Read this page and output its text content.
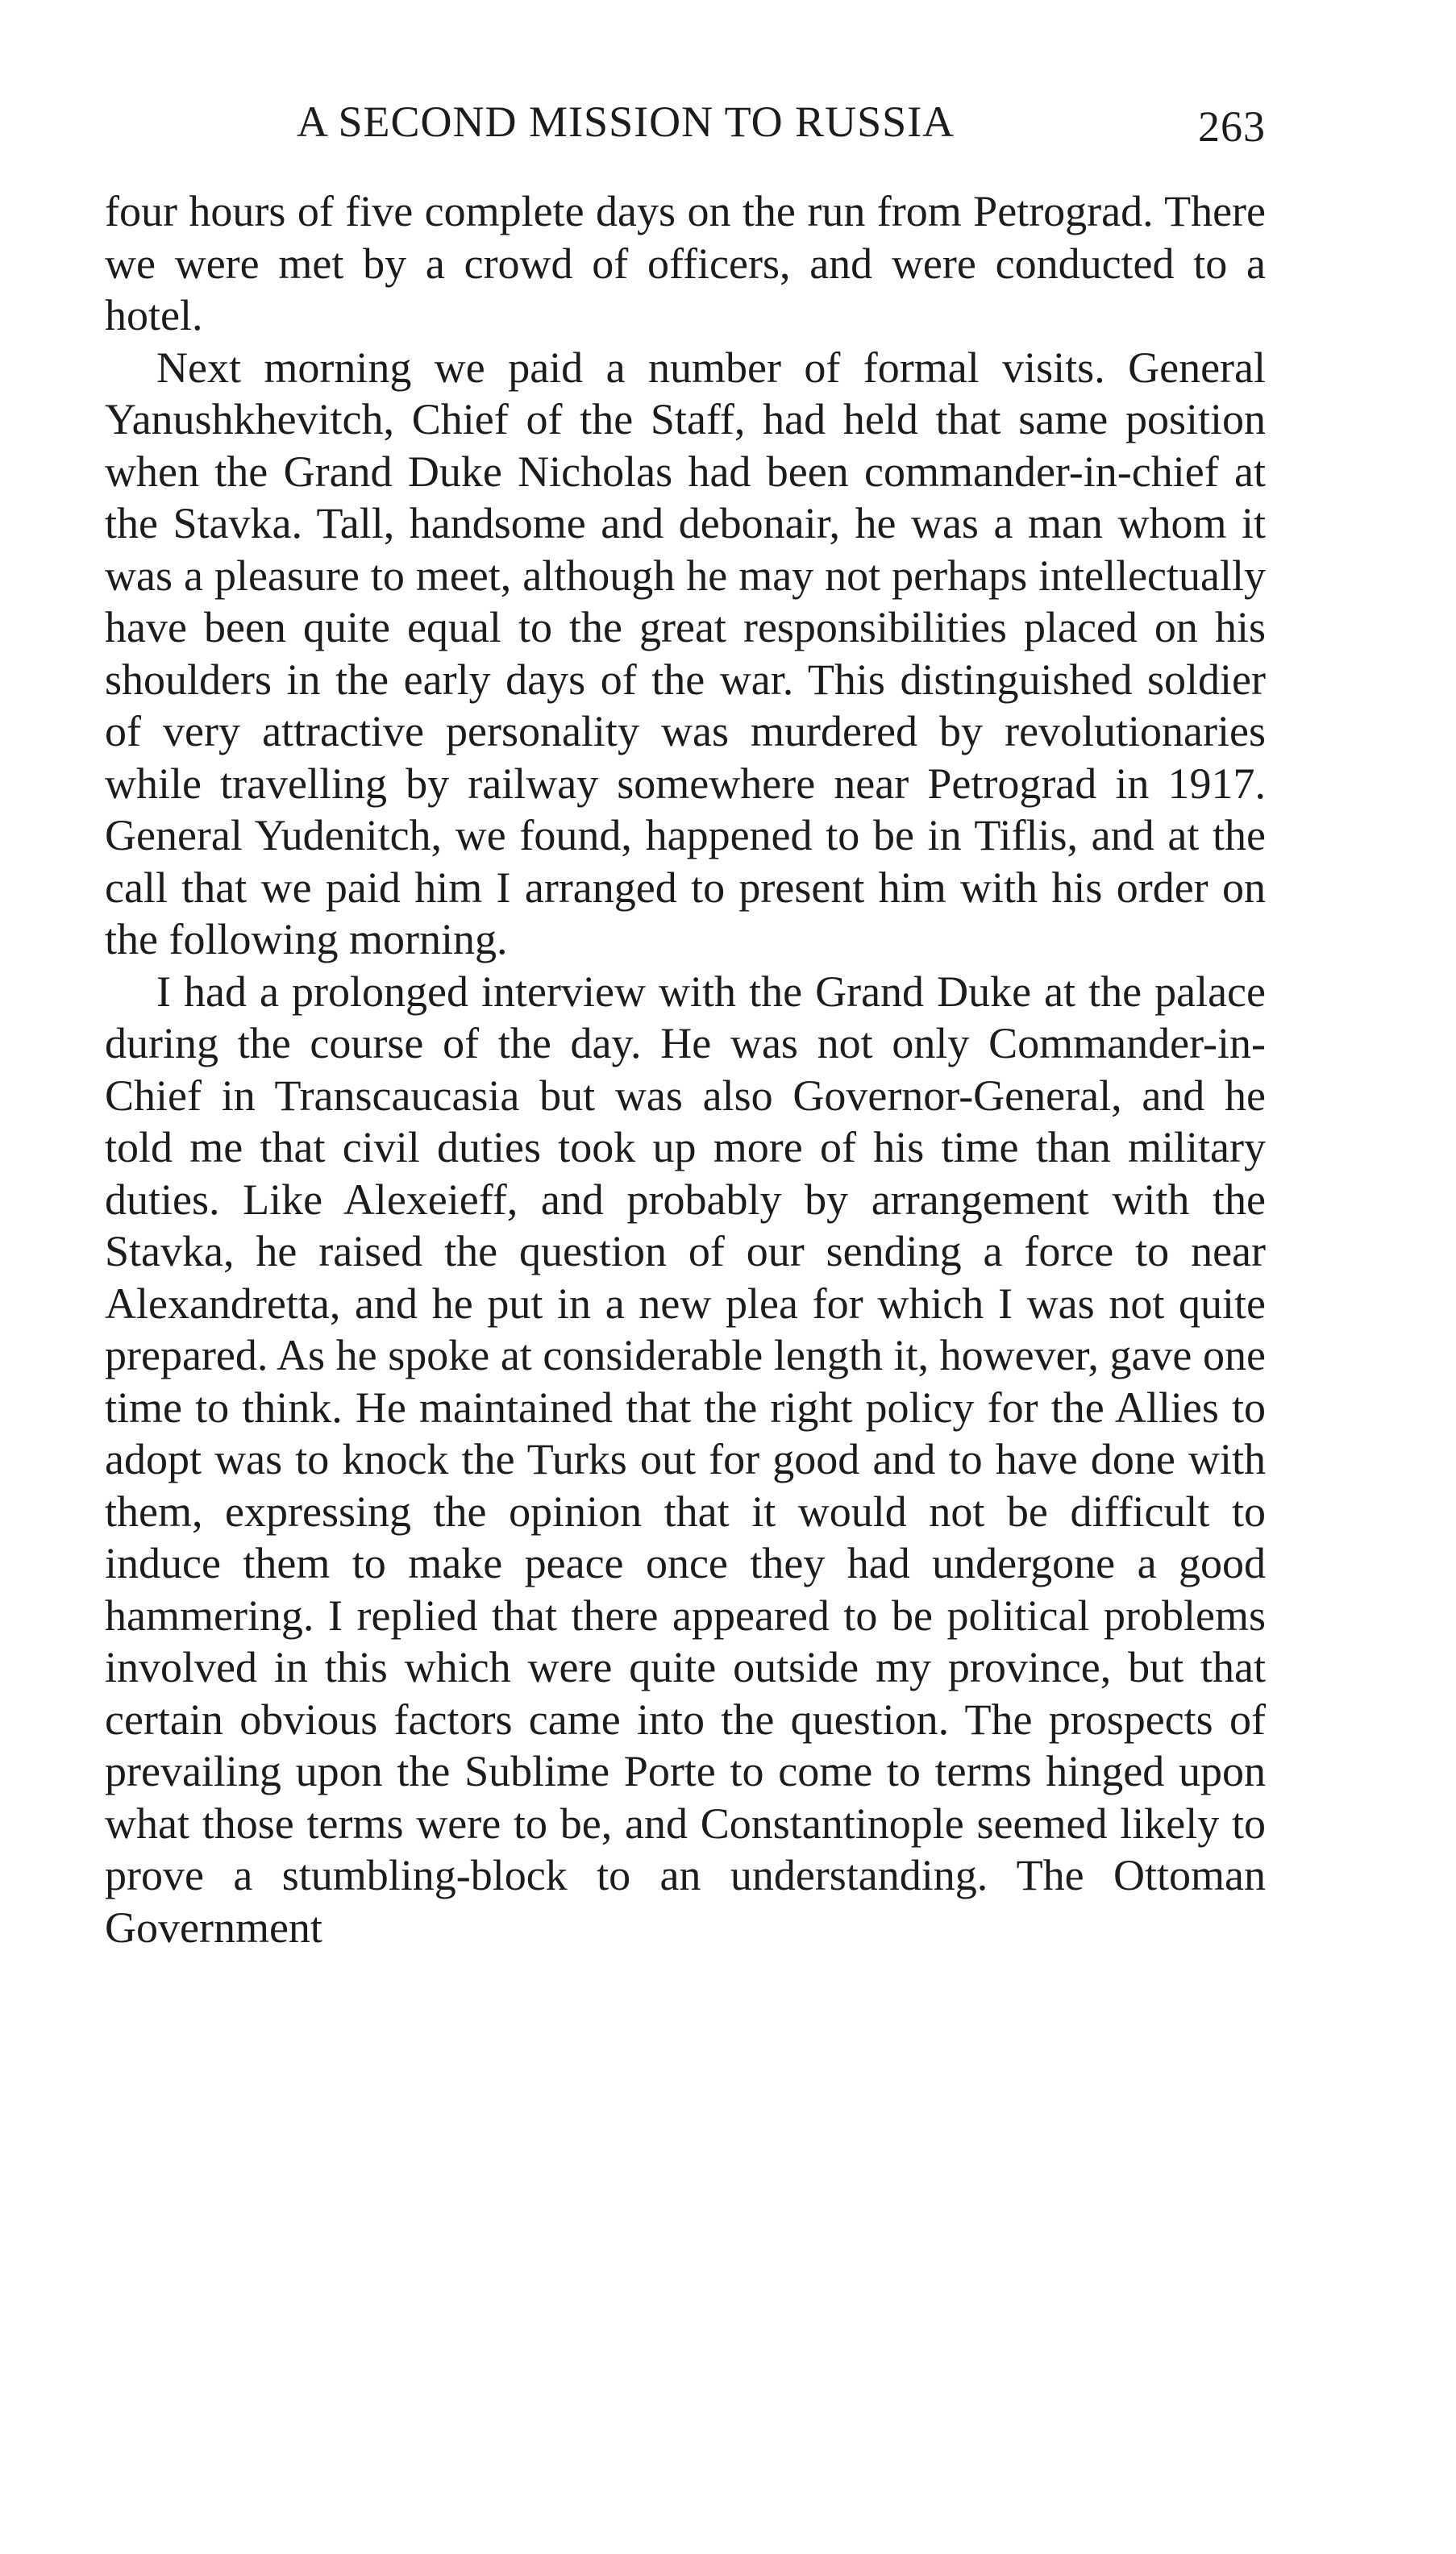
A SECOND MISSION TO RUSSIA	263

four hours of five complete days on the run from Petrograd. There we were met by a crowd of officers, and were conducted to a hotel.

Next morning we paid a number of formal visits. General Yanushkhevitch, Chief of the Staff, had held that same position when the Grand Duke Nicholas had been commander-in-chief at the Stavka. Tall, handsome and debonair, he was a man whom it was a pleasure to meet, although he may not perhaps intellectually have been quite equal to the great responsibilities placed on his shoulders in the early days of the war. This distinguished soldier of very attractive personality was murdered by revolutionaries while travelling by railway somewhere near Petrograd in 1917. General Yudenitch, we found, happened to be in Tiflis, and at the call that we paid him I arranged to present him with his order on the following morning.

I had a prolonged interview with the Grand Duke at the palace during the course of the day. He was not only Commander-in-Chief in Transcaucasia but was also Governor-General, and he told me that civil duties took up more of his time than military duties. Like Alexeieff, and probably by arrangement with the Stavka, he raised the question of our sending a force to near Alexandretta, and he put in a new plea for which I was not quite prepared. As he spoke at considerable length it, however, gave one time to think. He maintained that the right policy for the Allies to adopt was to knock the Turks out for good and to have done with them, expressing the opinion that it would not be difficult to induce them to make peace once they had undergone a good hammering. I replied that there appeared to be political problems involved in this which were quite outside my province, but that certain obvious factors came into the question. The prospects of prevailing upon the Sublime Porte to come to terms hinged upon what those terms were to be, and Constantinople seemed likely to prove a stumbling-block to an understanding. The Ottoman Government
